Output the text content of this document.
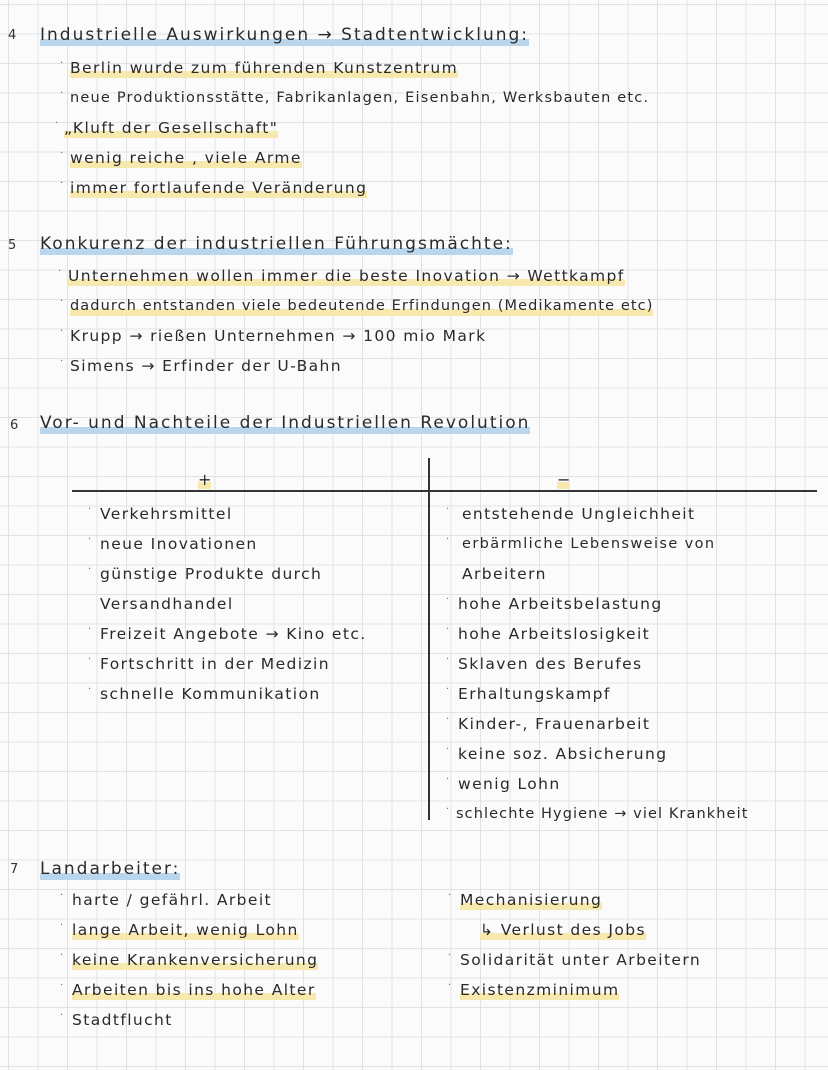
4 Industrielle Auswirkungen → Stadtentwicklung:
· Berlin wurde zum führenden Kunstzentrum
· neue Produktionsstätte, Fabrikanlagen, Eisenbahn, Werksbauten etc.
· „Kluft der Gesellschaft"
· wenig reiche , viele Arme
· immer fortlaufende Veränderung
5 Konkurenz der industriellen Führungsmächte:
· Unternehmen wollen immer die beste Inovation → Wettkampf
· dadurch entstanden viele bedeutende Erfindungen (Medikamente etc)
· Krupp → rießen Unternehmen → 100 mio Mark
· Simens → Erfinder der U-Bahn
6 Vor- und Nachteile der Industriellen Revolution
+	−
· Verkehrsmittel
· neue Inovationen
· günstige Produkte durch
Versandhandel
· Freizeit Angebote → Kino etc.
· Fortschritt in der Medizin
· schnelle Kommunikation
· entstehende Ungleichheit
· erbärmliche Lebensweise von
Arbeitern
· hohe Arbeitsbelastung
· hohe Arbeitslosigkeit
· Sklaven des Berufes
· Erhaltungskampf
· Kinder-, Frauenarbeit
· keine soz. Absicherung
· wenig Lohn
· schlechte Hygiene → viel Krankheit
7 Landarbeiter:
· harte / gefährl. Arbeit
· lange Arbeit, wenig Lohn
· keine Krankenversicherung
· Arbeiten bis ins hohe Alter
· Stadtflucht
· Mechanisierung
↳ Verlust des Jobs
· Solidarität unter Arbeitern
· Existenzminimum
